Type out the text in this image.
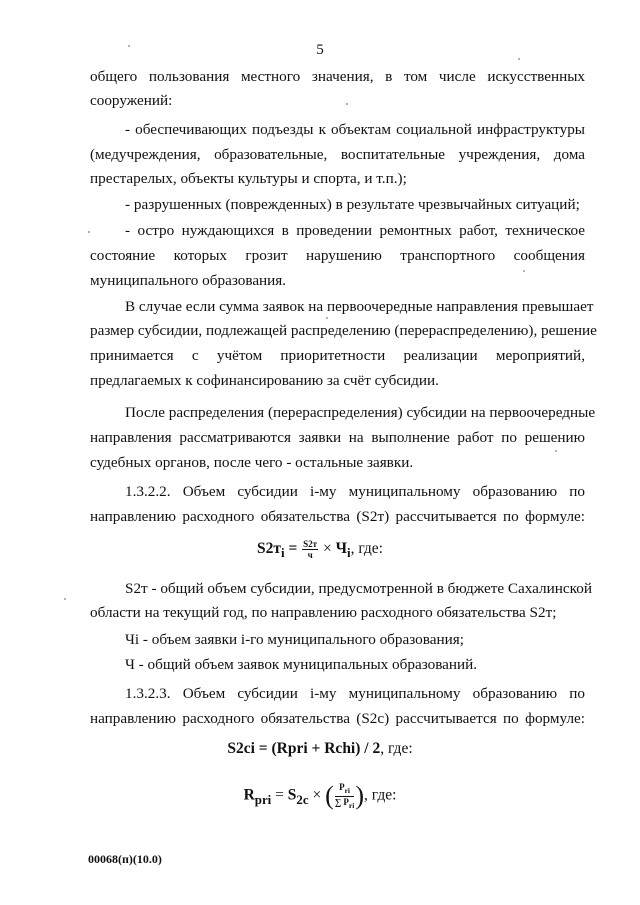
5
общего пользования местного значения, в том числе искусственных
сооружений:
- обеспечивающих подъезды к объектам социальной инфраструктуры
(медучреждения, образовательные, воспитательные учреждения, дома
престарелых, объекты культуры и спорта, и т.п.);
- разрушенных (поврежденных) в результате чрезвычайных ситуаций;
- остро нуждающихся в проведении ремонтных работ, техническое
состояние которых грозит нарушению транспортного сообщения
муниципального образования.
В случае если сумма заявок на первоочередные направления превышает
размер субсидии, подлежащей распределению (перераспределению), решение
принимается с учётом приоритетности реализации мероприятий,
предлагаемых к софинансированию за счёт субсидии.
После распределения (перераспределения) субсидии на первоочередные
направления рассматриваются заявки на выполнение работ по решению
судебных органов, после чего - остальные заявки.
1.3.2.2. Объем субсидии i-му муниципальному образованию по
направлению расходного обязательства (S2т) рассчитывается по формуле:
$S2т_i = \frac{S2т}{ч} \times Ч_i$, где:
S2т - общий объем субсидии, предусмотренной в бюджете Сахалинской
области на текущий год, по направлению расходного обязательства S2т;
Чi - объем заявки i-го муниципального образования;
Ч - общий объем заявок муниципальных образований.
1.3.2.3. Объем субсидии i-му муниципальному образованию по
направлению расходного обязательства (S2с) рассчитывается по формуле:
S2ci = (Rpri + Rchi) / 2, где:
$R_{pri} = S_{2c}$ × ( $\frac{P_{ri}}{\sum P_{ri}}$ ), где:
00068(п)(10.0)
